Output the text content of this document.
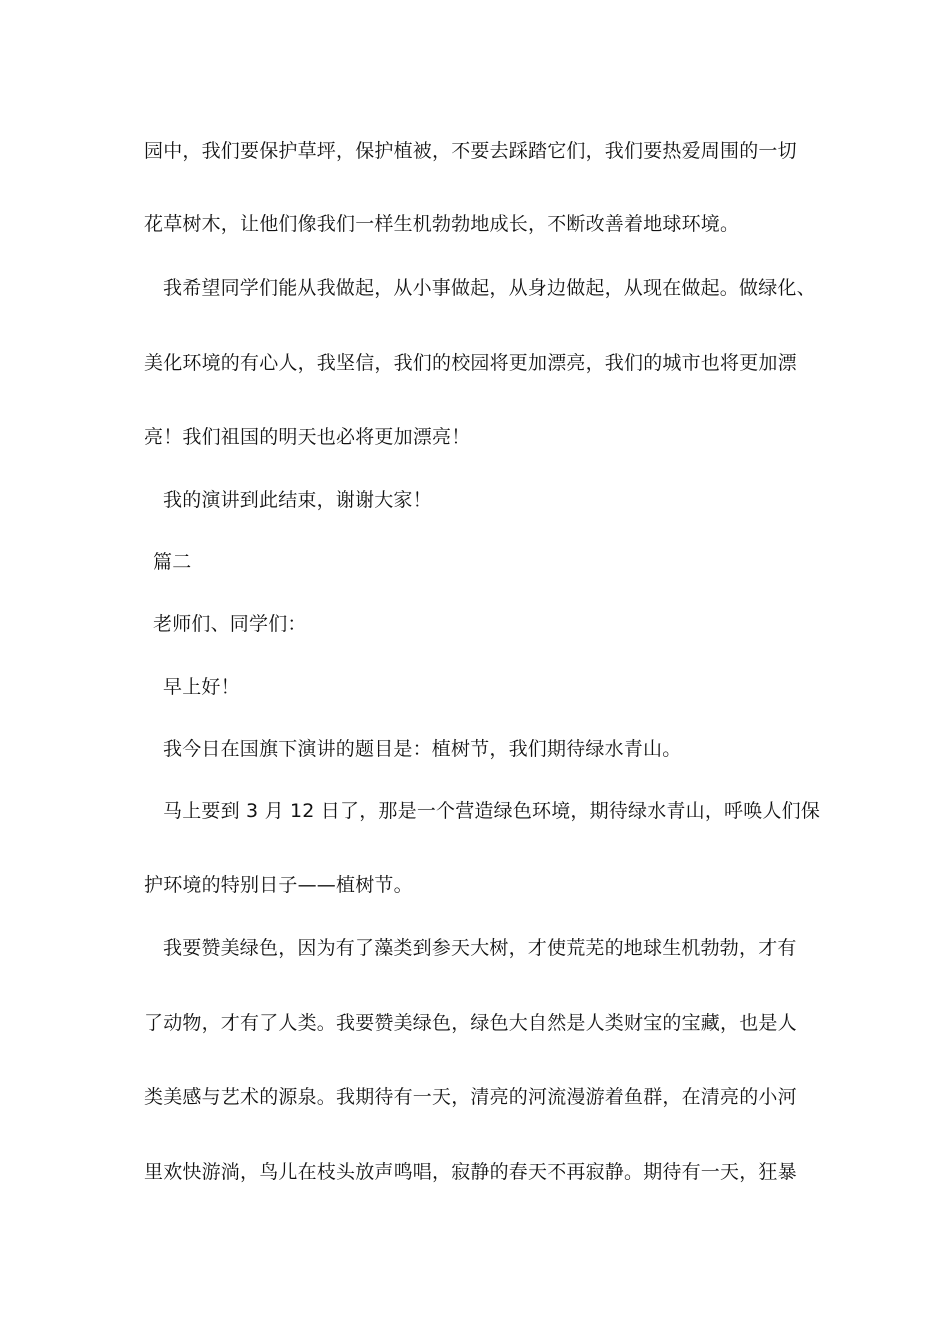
园中，我们要保护草坪，保护植被，不要去踩踏它们，我们要热爱周围的一切
花草树木，让他们像我们一样生机勃勃地成长，不断改善着地球环境。
我希望同学们能从我做起，从小事做起，从身边做起，从现在做起。做绿化、
美化环境的有心人，我坚信，我们的校园将更加漂亮，我们的城市也将更加漂
亮！我们祖国的明天也必将更加漂亮！
我的演讲到此结束，谢谢大家！
篇二
老师们、同学们：
早上好！
我今日在国旗下演讲的题目是：植树节，我们期待绿水青山。
马上要到 3 月 12 日了，那是一个营造绿色环境，期待绿水青山，呼唤人们保
护环境的特别日子——植树节。
我要赞美绿色，因为有了藻类到参天大树，才使荒芜的地球生机勃勃，才有
了动物，才有了人类。我要赞美绿色，绿色大自然是人类财宝的宝藏，也是人
类美感与艺术的源泉。我期待有一天，清亮的河流漫游着鱼群，在清亮的小河
里欢快游淌，鸟儿在枝头放声鸣唱，寂静的春天不再寂静。期待有一天，狂暴
